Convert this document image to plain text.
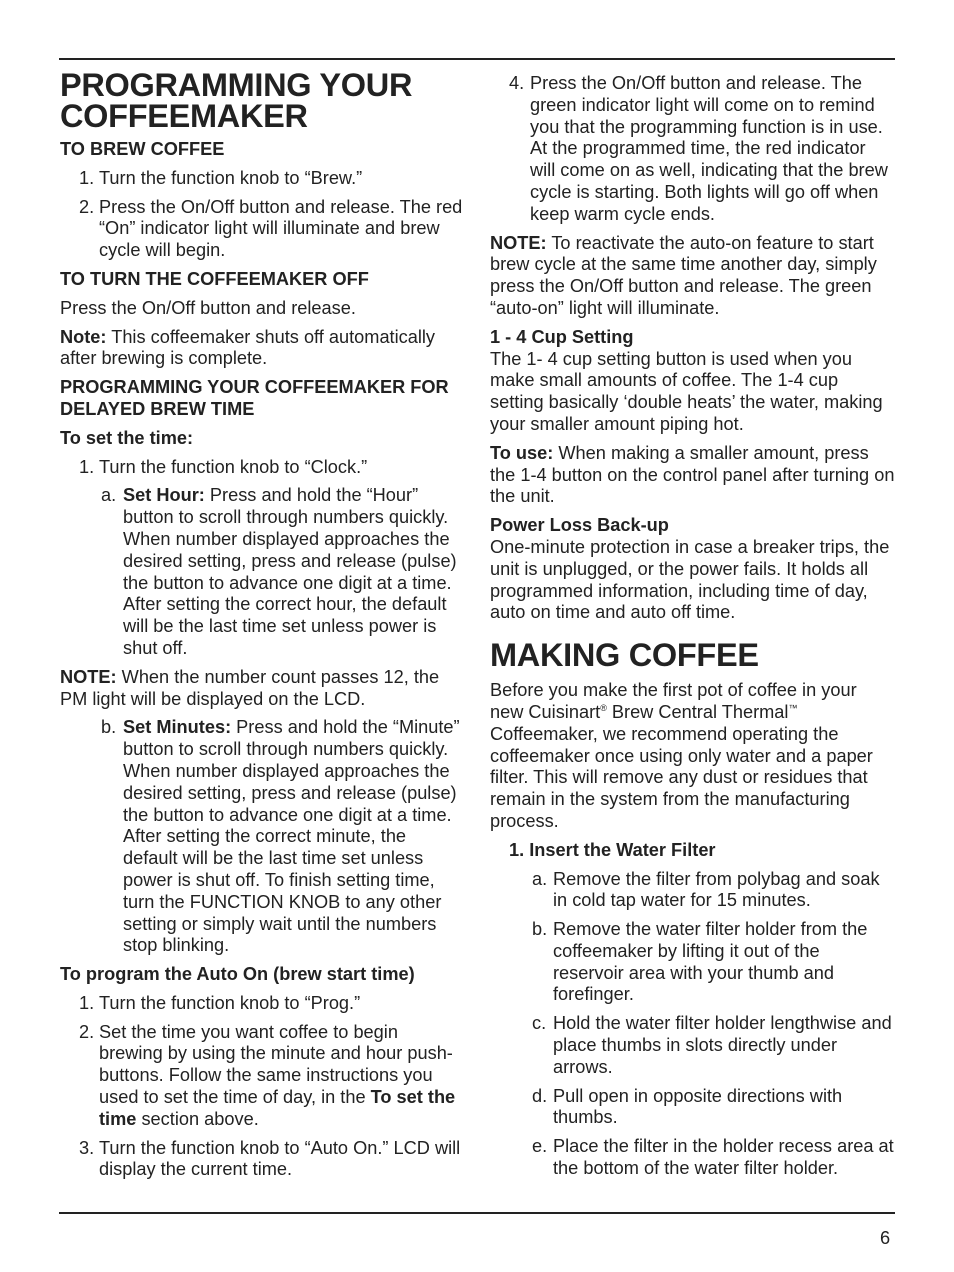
PROGRAMMING YOUR COFFEEMAKER
TO BREW COFFEE
1. Turn the function knob to “Brew.”
2. Press the On/Off button and release. The red “On” indicator light will illuminate and brew cycle will begin.
TO TURN THE COFFEEMAKER OFF

Press the On/Off button and release.

Note: This coffeemaker shuts off automatically after brewing is complete.

PROGRAMMING YOUR COFFEEMAKER FOR DELAYED BREW TIME
To set the time:
1. Turn the function knob to “Clock.”
a. Set Hour: Press and hold the “Hour” button to scroll through numbers quickly. When number displayed approaches the desired setting, press and release (pulse) the button to advance one digit at a time. After setting the correct hour, the default will be the last time set unless power is shut off.

NOTE: When the number count passes 12, the PM light will be displayed on the LCD.

b. Set Minutes: Press and hold the “Minute” button to scroll through numbers quickly. When number displayed approaches the desired setting, press and release (pulse) the button to advance one digit at a time. After setting the correct minute, the default will be the last time set unless power is shut off. To finish setting time, turn the FUNCTION KNOB to any other setting or simply wait until the numbers stop blinking.
To program the Auto On (brew start time)
1. Turn the function knob to “Prog.”
2. Set the time you want coffee to begin brewing by using the minute and hour push-buttons. Follow the same instructions you used to set the time of day, in the To set the time section above.
3. Turn the function knob to “Auto On.” LCD will display the current time.
4. Press the On/Off button and release. The green indicator light will come on to remind you that the programming function is in use. At the programmed time, the red indicator will come on as well, indicating that the brew cycle is starting. Both lights will go off when keep warm cycle ends.

NOTE: To reactivate the auto-on feature to start brew cycle at the same time another day, simply press the On/Off button and release. The green “auto-on” light will illuminate.

1 - 4 Cup Setting

The 1- 4 cup setting button is used when you make small amounts of coffee. The 1-4 cup setting basically ‘double heats’ the water, making your smaller amount piping hot.

To use: When making a smaller amount, press the 1-4 button on the control panel after turning on the unit.

Power Loss Back-up

One-minute protection in case a breaker trips, the unit is unplugged, or the power fails. It holds all programmed information, including time of day, auto on time and auto off time.

MAKING COFFEE

Before you make the first pot of coffee in your new Cuisinart® Brew Central Thermal™ Coffeemaker, we recommend operating the coffeemaker once using only water and a paper filter. This will remove any dust or residues that remain in the system from the manufacturing process.

1. Insert the Water Filter
a. Remove the filter from polybag and soak in cold tap water for 15 minutes.
b. Remove the water filter holder from the coffeemaker by lifting it out of the reservoir area with your thumb and forefinger.
c. Hold the water filter holder lengthwise and place thumbs in slots directly under arrows.
d. Pull open in opposite directions with thumbs.
e. Place the filter in the holder recess area at the bottom of the water filter holder.
6
